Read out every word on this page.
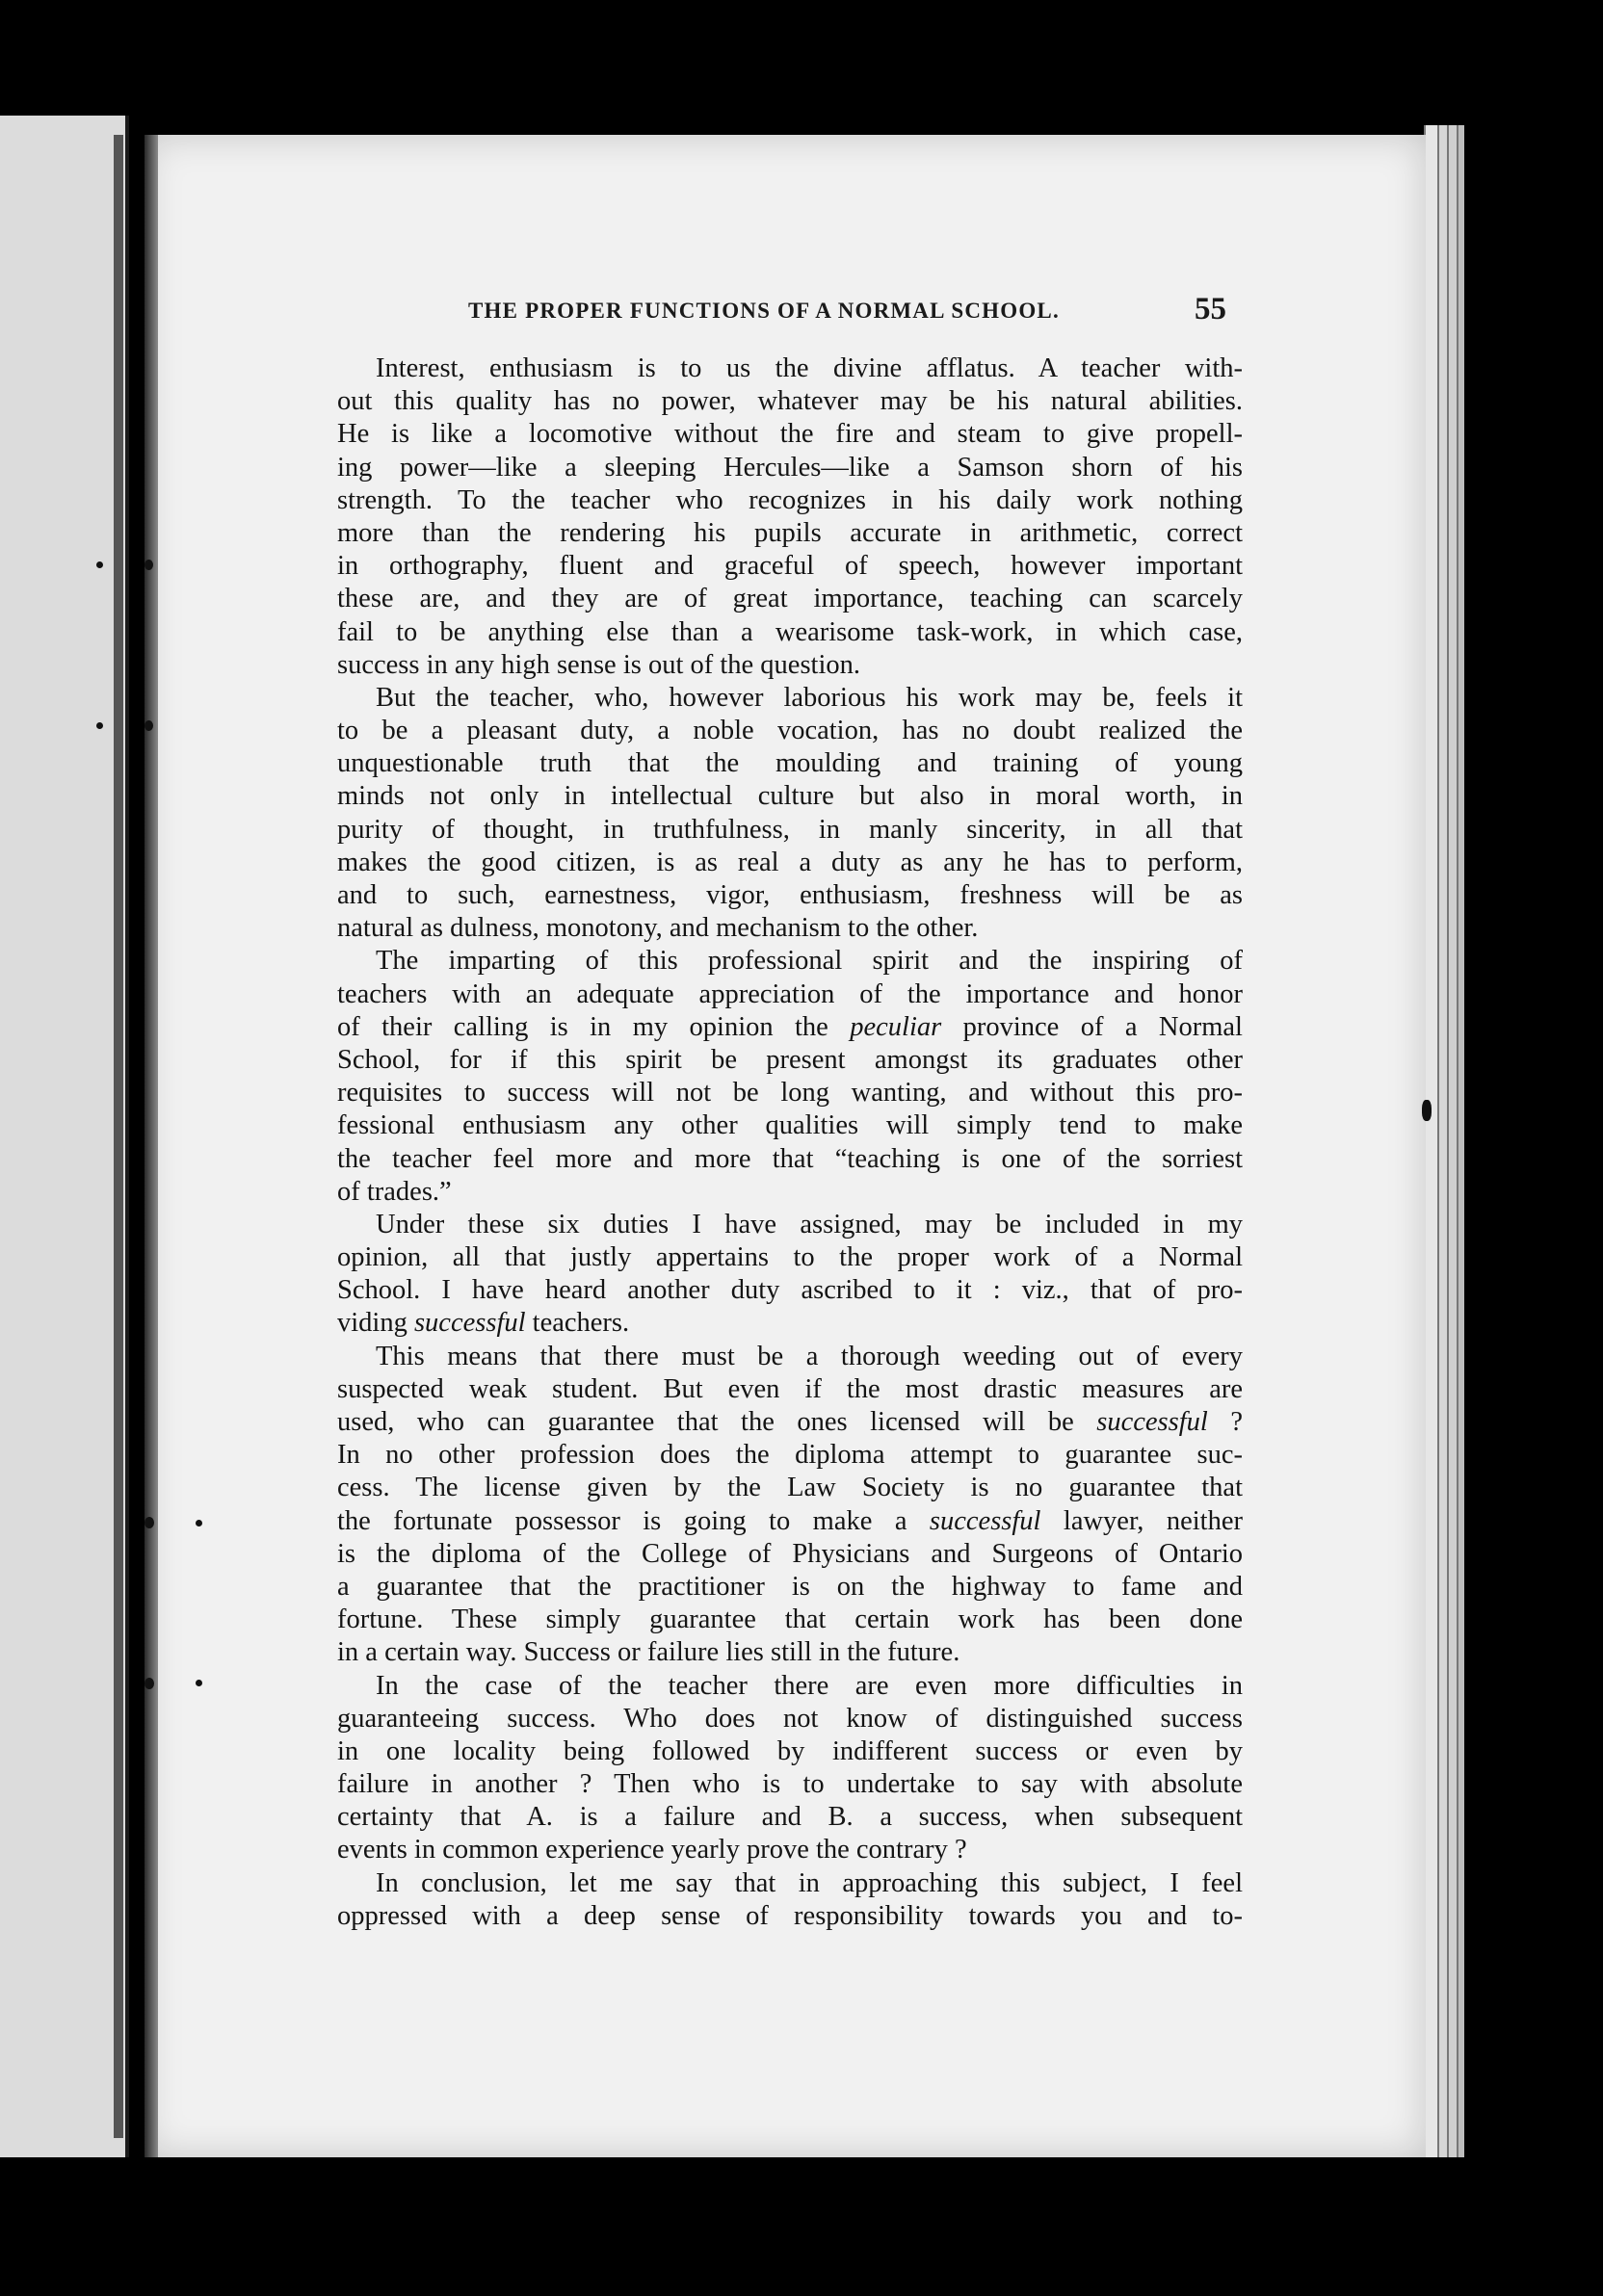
THE PROPER FUNCTIONS OF A NORMAL SCHOOL.	55
Interest, enthusiasm is to us the divine afflatus. A teacher with-
out this quality has no power, whatever may be his natural abilities.
He is like a locomotive without the fire and steam to give propell-
ing power—like a sleeping Hercules—like a Samson shorn of his
strength. To the teacher who recognizes in his daily work nothing
more than the rendering his pupils accurate in arithmetic, correct
in orthography, fluent and graceful of speech, however important
these are, and they are of great importance, teaching can scarcely
fail to be anything else than a wearisome task-work, in which case,
success in any high sense is out of the question.
But the teacher, who, however laborious his work may be, feels it
to be a pleasant duty, a noble vocation, has no doubt realized the
unquestionable truth that the moulding and training of young
minds not only in intellectual culture but also in moral worth, in
purity of thought, in truthfulness, in manly sincerity, in all that
makes the good citizen, is as real a duty as any he has to perform,
and to such, earnestness, vigor, enthusiasm, freshness will be as
natural as dulness, monotony, and mechanism to the other.
The imparting of this professional spirit and the inspiring of
teachers with an adequate appreciation of the importance and honor
of their calling is in my opinion the peculiar province of a Normal
School, for if this spirit be present amongst its graduates other
requisites to success will not be long wanting, and without this pro-
fessional enthusiasm any other qualities will simply tend to make
the teacher feel more and more that “teaching is one of the sorriest
of trades.”
Under these six duties I have assigned, may be included in my
opinion, all that justly appertains to the proper work of a Normal
School. I have heard another duty ascribed to it : viz., that of pro-
viding successful teachers.
This means that there must be a thorough weeding out of every
suspected weak student. But even if the most drastic measures are
used, who can guarantee that the ones licensed will be successful ?
In no other profession does the diploma attempt to guarantee suc-
cess. The license given by the Law Society is no guarantee that
the fortunate possessor is going to make a successful lawyer, neither
is the diploma of the College of Physicians and Surgeons of Ontario
a guarantee that the practitioner is on the highway to fame and
fortune. These simply guarantee that certain work has been done
in a certain way. Success or failure lies still in the future.
In the case of the teacher there are even more difficulties in
guaranteeing success. Who does not know of distinguished success
in one locality being followed by indifferent success or even by
failure in another ? Then who is to undertake to say with absolute
certainty that A. is a failure and B. a success, when subsequent
events in common experience yearly prove the contrary ?
In conclusion, let me say that in approaching this subject, I feel
oppressed with a deep sense of responsibility towards you and to-
